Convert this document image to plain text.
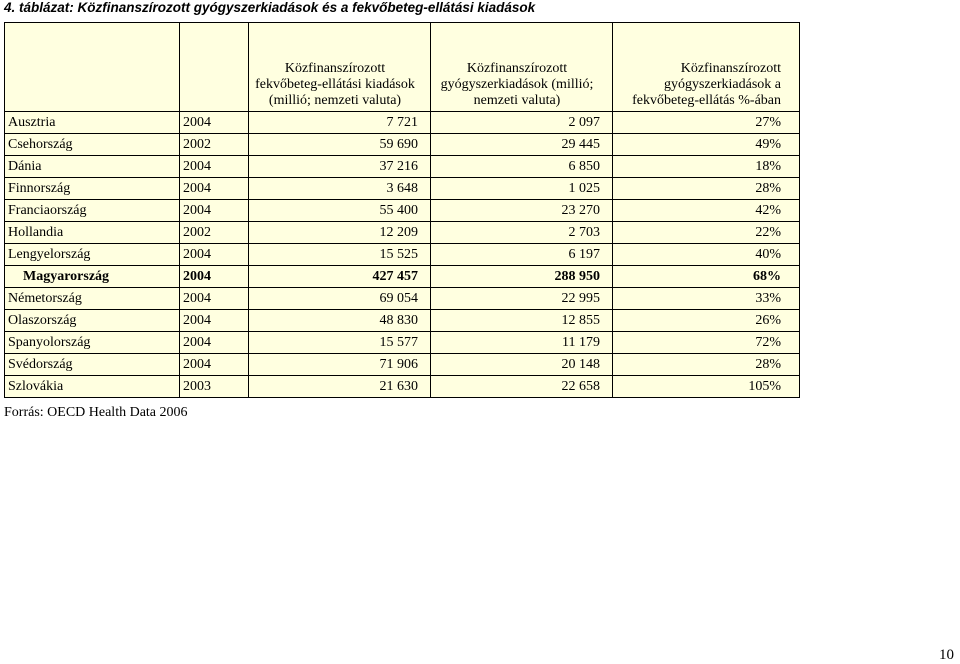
4. táblázat: Közfinanszírozott gyógyszerkiadások és a fekvőbeteg-ellátási kiadások
		Közfinanszírozott fekvőbeteg-ellátási kiadások (millió; nemzeti valuta)	Közfinanszírozott gyógyszerkiadások (millió; nemzeti valuta)	Közfinanszírozott gyógyszerkiadások a fekvőbeteg-ellátás %-ában
Ausztria	2004	7 721	2 097	27%
Csehország	2002	59 690	29 445	49%
Dánia	2004	37 216	6 850	18%
Finnország	2004	3 648	1 025	28%
Franciaország	2004	55 400	23 270	42%
Hollandia	2002	12 209	2 703	22%
Lengyelország	2004	15 525	6 197	40%
Magyarország	2004	427 457	288 950	68%
Németország	2004	69 054	22 995	33%
Olaszország	2004	48 830	12 855	26%
Spanyolország	2004	15 577	11 179	72%
Svédország	2004	71 906	20 148	28%
Szlovákia	2003	21 630	22 658	105%
Forrás: OECD Health Data 2006
10
